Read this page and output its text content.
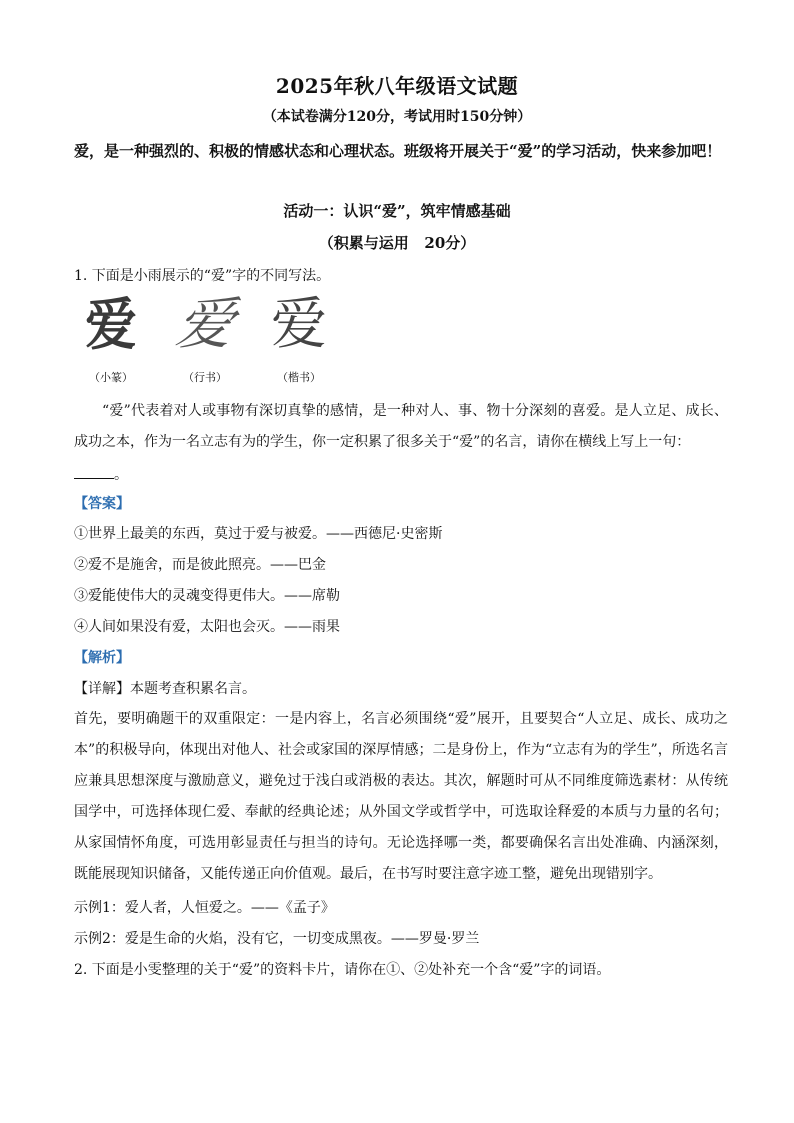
2025年秋八年级语文试题
（本试卷满分120分，考试用时150分钟）
爱，是一种强烈的、积极的情感状态和心理状态。班级将开展关于“爱”的学习活动，快来参加吧！
活动一：认识“爱”，筑牢情感基础
（积累与运用   20分）
1. 下面是小雨展示的“爱”字的不同写法。
爱 爱 爱
（小篆）	（行书）	（楷书）
“爱”代表着对人或事物有深切真挚的感情，是一种对人、事、物十分深刻的喜爱。是人立足、成长、成功之本，作为一名立志有为的学生，你一定积累了很多关于“爱”的名言，请你在横线上写上一句：
。
【答案】
①世界上最美的东西，莫过于爱与被爱。——西德尼·史密斯
②爱不是施舍，而是彼此照亮。——巴金
③爱能使伟大的灵魂变得更伟大。——席勒
④人间如果没有爱，太阳也会灭。——雨果
【解析】
【详解】本题考查积累名言。
首先，要明确题干的双重限定：一是内容上，名言必须围绕“爱”展开，且要契合“人立足、成长、成功之本”的积极导向，体现出对他人、社会或家国的深厚情感；二是身份上，作为“立志有为的学生”，所选名言应兼具思想深度与激励意义，避免过于浅白或消极的表达。其次，解题时可从不同维度筛选素材：从传统国学中，可选择体现仁爱、奉献的经典论述；从外国文学或哲学中，可选取诠释爱的本质与力量的名句；从家国情怀角度，可选用彰显责任与担当的诗句。无论选择哪一类，都要确保名言出处准确、内涵深刻，既能展现知识储备，又能传递正向价值观。最后，在书写时要注意字迹工整，避免出现错别字。
示例1：爱人者，人恒爱之。——《孟子》
示例2：爱是生命的火焰，没有它，一切变成黑夜。——罗曼·罗兰
2. 下面是小雯整理的关于“爱”的资料卡片，请你在①、②处补充一个含“爱”字的词语。
